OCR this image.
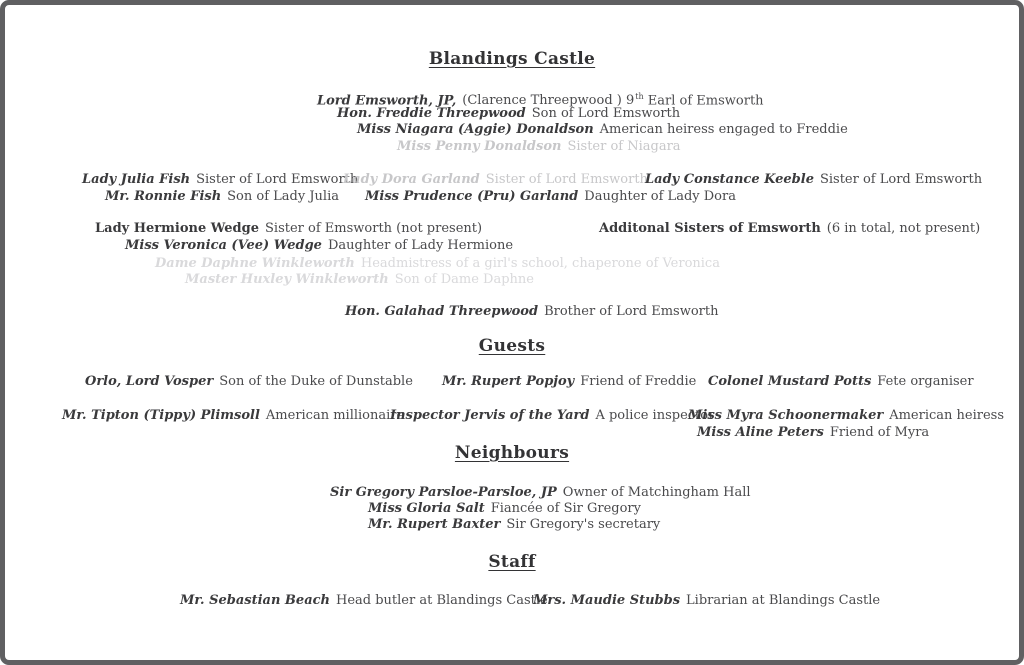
Blandings Castle
Lord Emsworth, JP, (Clarence Threepwood ) 9th Earl of Emsworth
Hon. Freddie Threepwood Son of Lord Emsworth
Miss Niagara (Aggie) Donaldson American heiress engaged to Freddie
Miss Penny Donaldson Sister of Niagara
Lady Julia Fish Sister of Lord Emsworth
Lady Dora Garland Sister of Lord Emsworth
Lady Constance Keeble Sister of Lord Emsworth
Mr. Ronnie Fish Son of Lady Julia Miss Prudence (Pru) Garland Daughter of Lady Dora
Lady Hermione Wedge Sister of Emsworth (not present)	Additonal Sisters of Emsworth (6 in total, not present)
Miss Veronica (Vee) Wedge Daughter of Lady Hermione
Dame Daphne Winkleworth Headmistress of a girl's school, chaperone of Veronica
Master Huxley Winkleworth Son of Dame Daphne
Hon. Galahad Threepwood Brother of Lord Emsworth
Guests
Orlo, Lord Vosper Son of the Duke of Dunstable Mr. Rupert Popjoy Friend of Freddie Colonel Mustard Potts Fete organiser
Mr. Tipton (Tippy) Plimsoll American millionaire
Inspector Jervis of the Yard A police inspector
Miss Myra Schoonermaker American heiress
Miss Aline Peters Friend of Myra
Neighbours
Sir Gregory Parsloe-Parsloe, JP Owner of Matchingham Hall
Miss Gloria Salt Fiancée of Sir Gregory
Mr. Rupert Baxter Sir Gregory's secretary
Staff
Mr. Sebastian Beach Head butler at Blandings Castle
Mrs. Maudie Stubbs Librarian at Blandings Castle
